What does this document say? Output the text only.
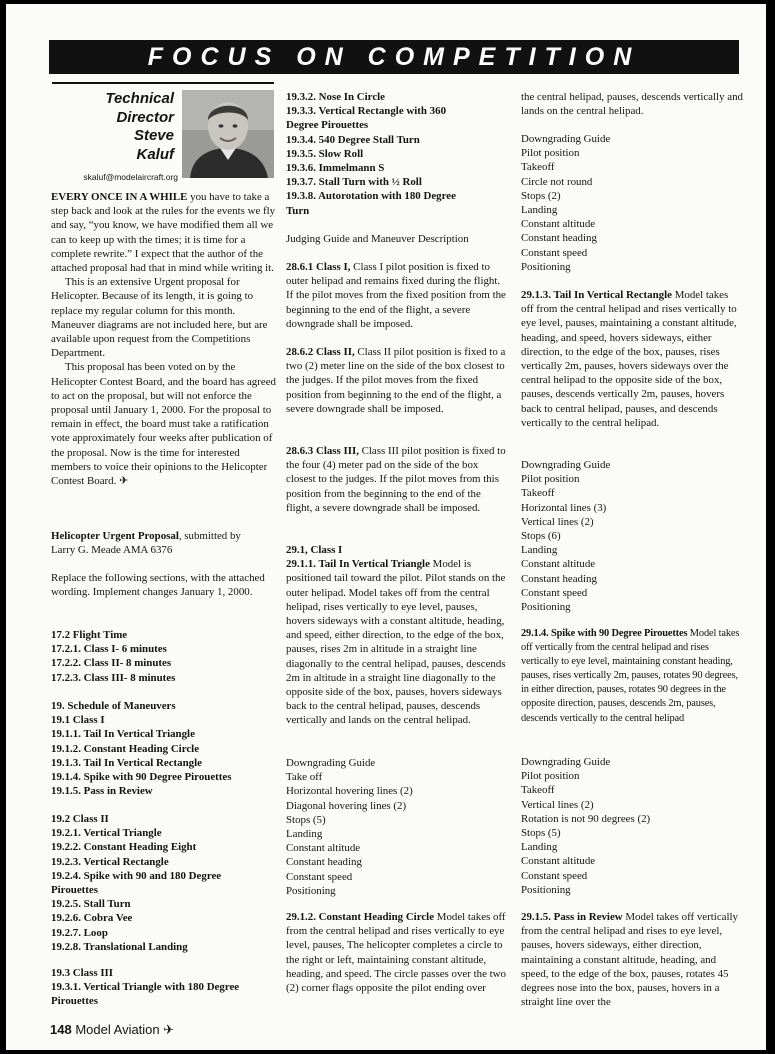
FOCUS ON COMPETITION
Technical
Director
Steve
Kaluf
skaluf@modelaircraft.org

EVERY ONCE IN A WHILE you have to take a step back and look at the rules for the events we fly and say, “you know, we have modified them all we can to keep up with the times; it is time for a complete rewrite.” I expect that the author of the attached proposal had that in mind while writing it.

This is an extensive Urgent proposal for Helicopter. Because of its length, it is going to replace my regular column for this month. Maneuver diagrams are not included here, but are available upon request from the Competitions Department.

This proposal has been voted on by the Helicopter Contest Board, and the board has agreed to act on the proposal, but will not enforce the proposal until January 1, 2000. For the proposal to remain in effect, the board must take a ratification vote approximately four weeks after publication of the proposal. Now is the time for interested members to voice their opinions to the Helicopter Contest Board. ✈

Helicopter Urgent Proposal, submitted by

Larry G. Meade AMA 6376

Replace the following sections, with the attached wording. Implement changes January 1, 2000.
17.2 Flight Time
17.2.1. Class I- 6 minutes
17.2.2. Class II- 8 minutes
17.2.3. Class III- 8 minutes
19. Schedule of Maneuvers
19.1 Class I
19.1.1. Tail In Vertical Triangle
19.1.2. Constant Heading Circle
19.1.3. Tail In Vertical Rectangle
19.1.4. Spike with 90 Degree Pirouettes
19.1.5. Pass in Review
19.2 Class II
19.2.1. Vertical Triangle
19.2.2. Constant Heading Eight
19.2.3. Vertical Rectangle
19.2.4. Spike with 90 and 180 Degree
Pirouettes
19.2.5. Stall Turn
19.2.6. Cobra Vee
19.2.7. Loop
19.2.8. Translational Landing
19.3 Class III
19.3.1. Vertical Triangle with 180 Degree
Pirouettes
19.3.2. Nose In Circle
19.3.3. Vertical Rectangle with 360
Degree Pirouettes
19.3.4. 540 Degree Stall Turn
19.3.5. Slow Roll
19.3.6. Immelmann S
19.3.7. Stall Turn with ½ Roll
19.3.8. Autorotation with 180 Degree
Turn
Judging Guide and Maneuver Description

28.6.1 Class I, Class I pilot position is fixed to outer helipad and remains fixed during the flight. If the pilot moves from the fixed position from the beginning to the end of the flight, a severe downgrade shall be imposed.

28.6.2 Class II, Class II pilot position is fixed to a two (2) meter line on the side of the box closest to the judges. If the pilot moves from the fixed position from beginning to the end of the flight, a severe downgrade shall be imposed.

28.6.3 Class III, Class III pilot position is fixed to the four (4) meter pad on the side of the box closest to the judges. If the pilot moves from this position from the beginning to the end of the flight, a severe downgrade shall be imposed.

29.1, Class I

29.1.1. Tail In Vertical Triangle Model is positioned tail toward the pilot. Pilot stands on the outer helipad. Model takes off from the central helipad, rises vertically to eye level, pauses, hovers sideways with a constant altitude, heading, and speed, either direction, to the edge of the box, pauses, rises 2m in altitude in a straight line diagonally to the central helipad, pauses, descends 2m in altitude in a straight line diagonally to the opposite side of the box, pauses, hovers sideways back to the central helipad, pauses, descends vertically and lands on the central helipad.

Downgrading Guide
Take off
Horizontal hovering lines (2)
Diagonal hovering lines (2)
Stops (5)
Landing
Constant altitude
Constant heading
Constant speed
Positioning

29.1.2. Constant Heading Circle Model takes off from the central helipad and rises vertically to eye level, pauses, The helicopter completes a circle to the right or left, maintaining constant altitude, heading, and speed. The circle passes over the two (2) corner flags opposite the pilot ending over

the central helipad, pauses, descends vertically and lands on the central helipad.
Downgrading Guide
Pilot position
Takeoff
Circle not round
Stops (2)
Landing
Constant altitude
Constant heading
Constant speed
Positioning

29.1.3. Tail In Vertical Rectangle Model takes off from the central helipad and rises vertically to eye level, pauses, maintaining a constant altitude, heading, and speed, hovers sideways, either direction, to the edge of the box, pauses, rises vertically 2m, pauses, hovers sideways over the central helipad to the opposite side of the box, pauses, descends vertically 2m, pauses, hovers back to central helipad, pauses, and descends vertically to the central helipad.

Downgrading Guide
Pilot position
Takeoff
Horizontal lines (3)
Vertical lines (2)
Stops (6)
Landing
Constant altitude
Constant heading
Constant speed
Positioning

29.1.4. Spike with 90 Degree Pirouettes Model takes off vertically from the central helipad and rises vertically to eye level, maintaining constant heading, pauses, rises vertically 2m, pauses, rotates 90 degrees, in either direction, pauses, rotates 90 degrees in the opposite direction, pauses, descends 2m, pauses, descends vertically to the central helipad

Downgrading Guide
Pilot position
Takeoff
Vertical lines (2)
Rotation is not 90 degrees (2)
Stops (5)
Landing
Constant altitude
Constant speed
Positioning

29.1.5. Pass in Review Model takes off vertically from the central helipad and rises to eye level, pauses, hovers sideways, either direction, maintaining a constant altitude, heading, and speed, to the edge of the box, pauses, rotates 45 degrees nose into the box, pauses, hovers in a straight line over the

148 Model Aviation ✈
